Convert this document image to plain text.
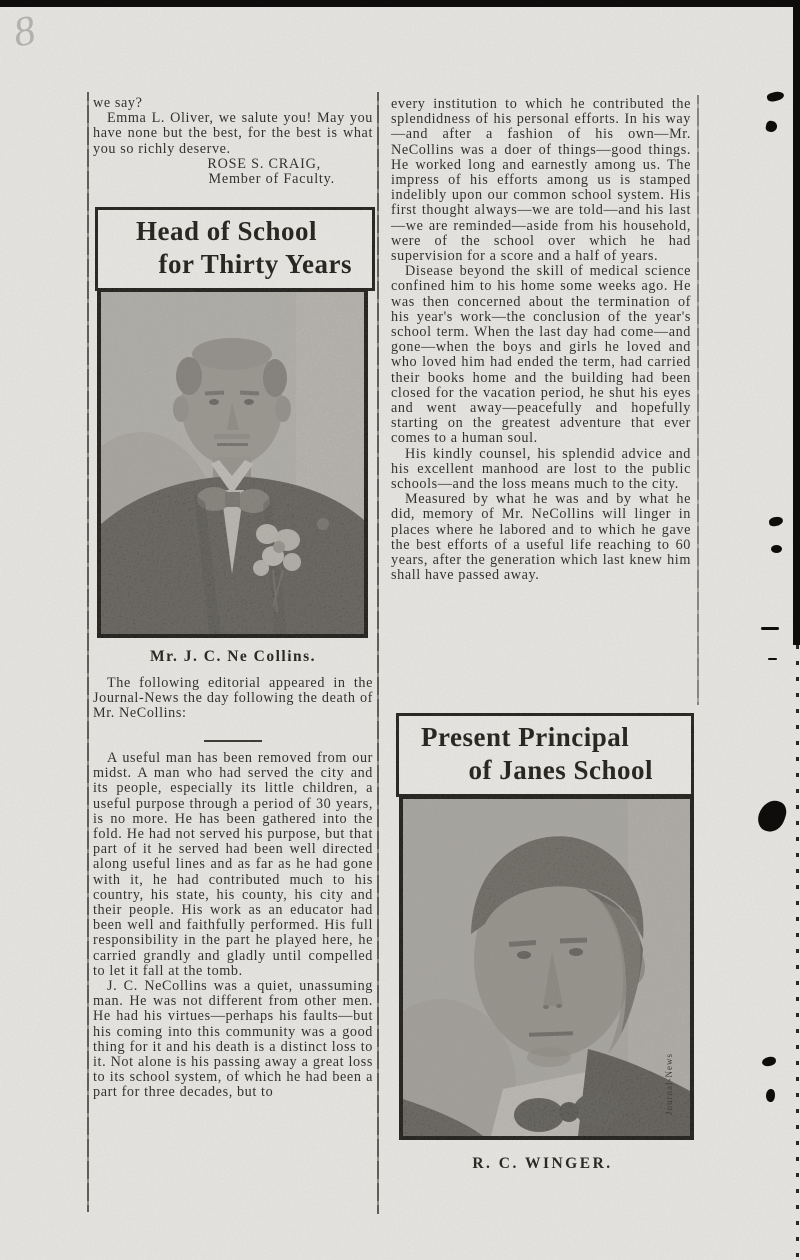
8

we say?

Emma L. Oliver, we salute you! May you have none but the best, for the best is what you so richly deserve.

ROSE S. CRAIG,

Member of Faculty.

Head of School
for Thirty Years
Mr. J. C. Ne Collins.

The following editorial appeared in the Journal-News the day following the death of Mr. NeCollins:

A useful man has been removed from our midst. A man who had served the city and its people, especially its little children, a useful purpose through a period of 30 years, is no more. He has been gathered into the fold. He had not served his purpose, but that part of it he served had been well directed along useful lines and as far as he had gone with it, he had contributed much to his country, his state, his county, his city and their people. His work as an educator had been well and faithfully performed. His full responsibility in the part he played here, he carried grandly and gladly until compelled to let it fall at the tomb.

J. C. NeCollins was a quiet, unassuming man. He was not different from other men. He had his virtues—perhaps his faults—but his coming into this community was a good thing for it and his death is a distinct loss to it. Not alone is his passing away a great loss to its school system, of which he had been a part for three decades, but to

every institution to which he contributed the splendidness of his personal efforts. In his way—and after a fashion of his own—Mr. NeCollins was a doer of things—good things. He worked long and earnestly among us. The impress of his efforts among us is stamped indelibly upon our common school system. His first thought always—we are told—and his last—we are reminded—aside from his household, were of the school over which he had supervision for a score and a half of years.

Disease beyond the skill of medical science confined him to his home some weeks ago. He was then concerned about the termination of his year's work—the conclusion of the year's school term. When the last day had come—and gone—when the boys and girls he loved and who loved him had ended the term, had carried their books home and the building had been closed for the vacation period, he shut his eyes and went away—peacefully and hopefully starting on the greatest adventure that ever comes to a human soul.

His kindly counsel, his splendid advice and his excellent manhood are lost to the public schools—and the loss means much to the city.

Measured by what he was and by what he did, memory of Mr. NeCollins will linger in places where he labored and to which he gave the best efforts of a useful life reaching to 60 years, after the generation which last knew him shall have passed away.

Present Principal
of Janes School
Journal-News
R. C. WINGER.
